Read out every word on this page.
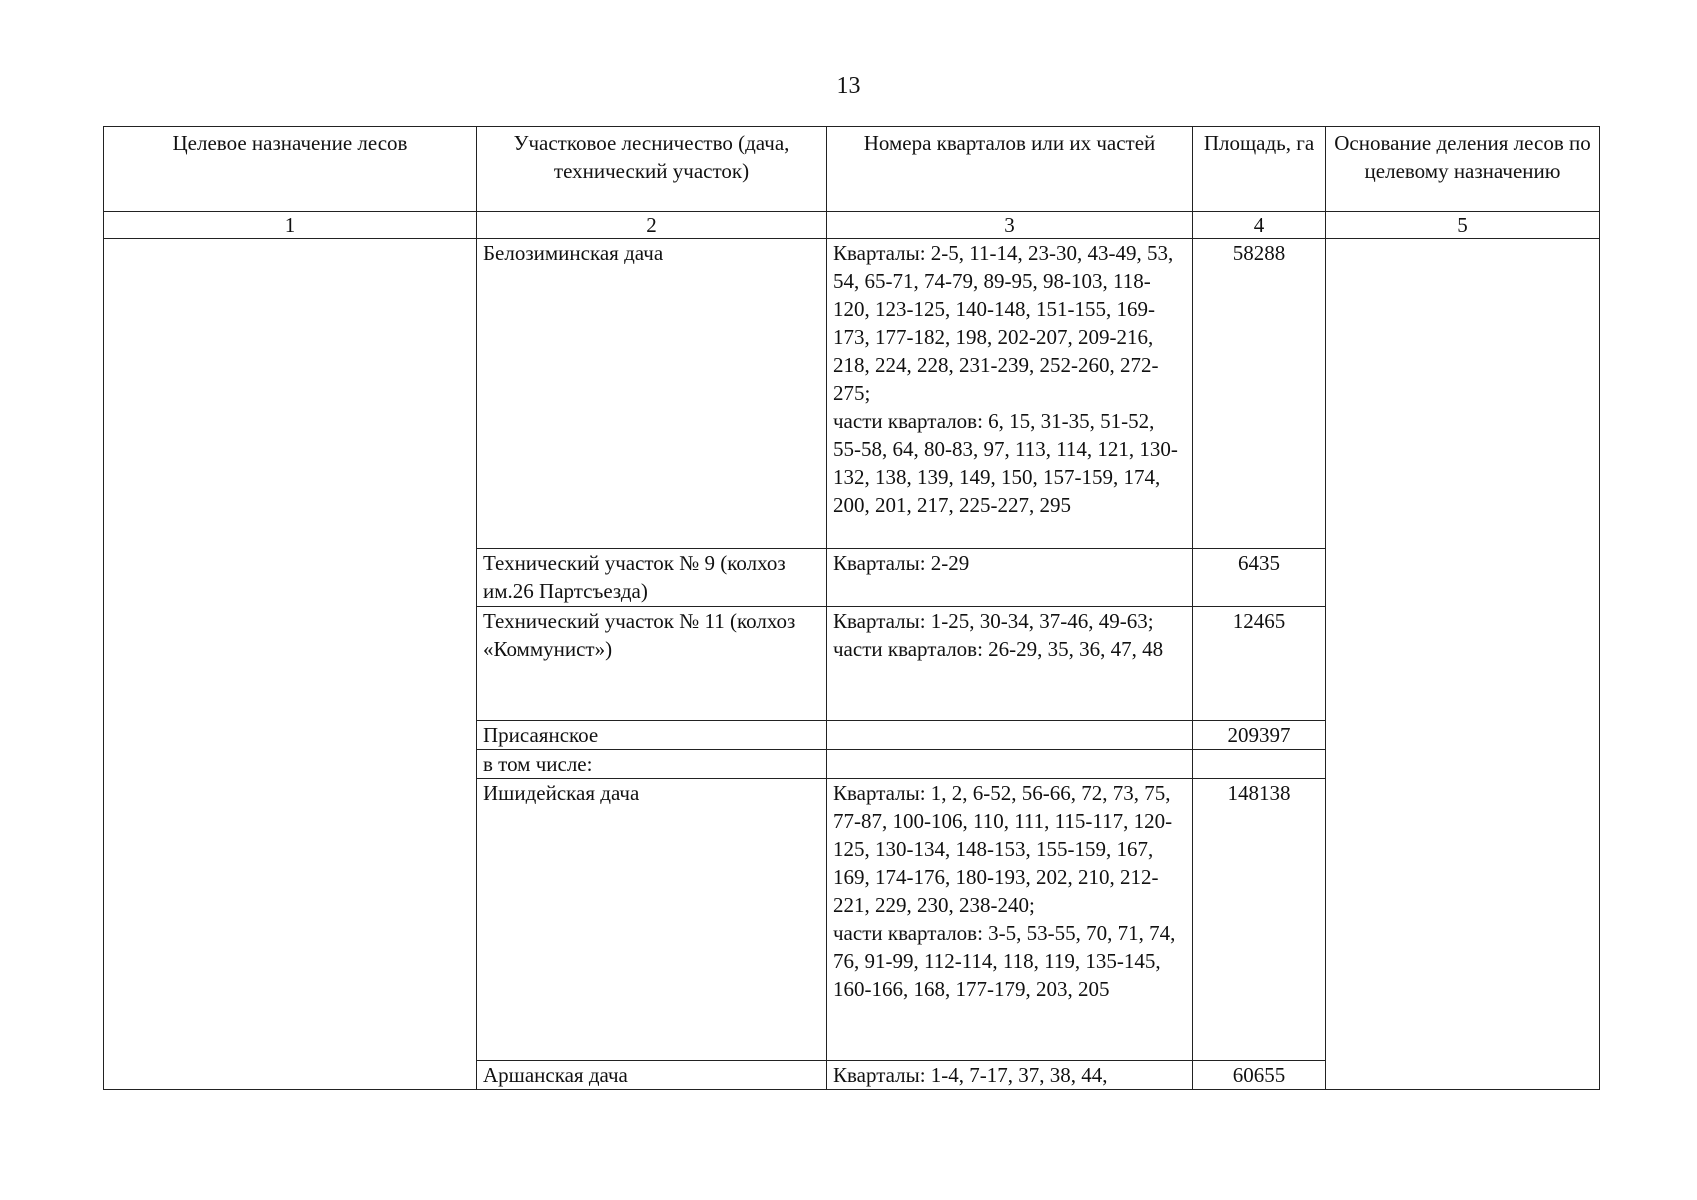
13
Целевое назначение лесов	Участковое лесничество (дача, технический участок)	Номера кварталов или их частей	Площадь, га	Основание деления лесов по целевому назначению
1	2	3	4	5
	Белозиминская дача	Кварталы: 2-5, 11-14, 23-30, 43-49, 53, 54, 65-71, 74-79, 89-95, 98-103, 118-120, 123-125, 140-148, 151-155, 169-173, 177-182, 198, 202-207, 209-216, 218, 224, 228, 231-239, 252-260, 272-275;
части кварталов: 6, 15, 31-35, 51-52, 55-58, 64, 80-83, 97, 113, 114, 121, 130-132, 138, 139, 149, 150, 157-159, 174, 200, 201, 217, 225-227, 295	58288	
	Технический участок № 9 (колхоз им.26 Партсъезда)	Кварталы: 2-29	6435	
	Технический участок № 11 (колхоз «Коммунист»)	Кварталы: 1-25, 30-34, 37-46, 49-63;
части кварталов: 26-29, 35, 36, 47, 48	12465	
	Присаянское		209397	
	в том числе:			
	Ишидейская дача	Кварталы: 1, 2, 6-52, 56-66, 72, 73, 75, 77-87, 100-106, 110, 111, 115-117, 120-125, 130-134, 148-153, 155-159, 167, 169, 174-176, 180-193, 202, 210, 212-221, 229, 230, 238-240;
части кварталов: 3-5, 53-55, 70, 71, 74, 76, 91-99, 112-114, 118, 119, 135-145, 160-166, 168, 177-179, 203, 205	148138	
	Аршанская дача	Кварталы: 1-4, 7-17, 37, 38, 44,	60655	
